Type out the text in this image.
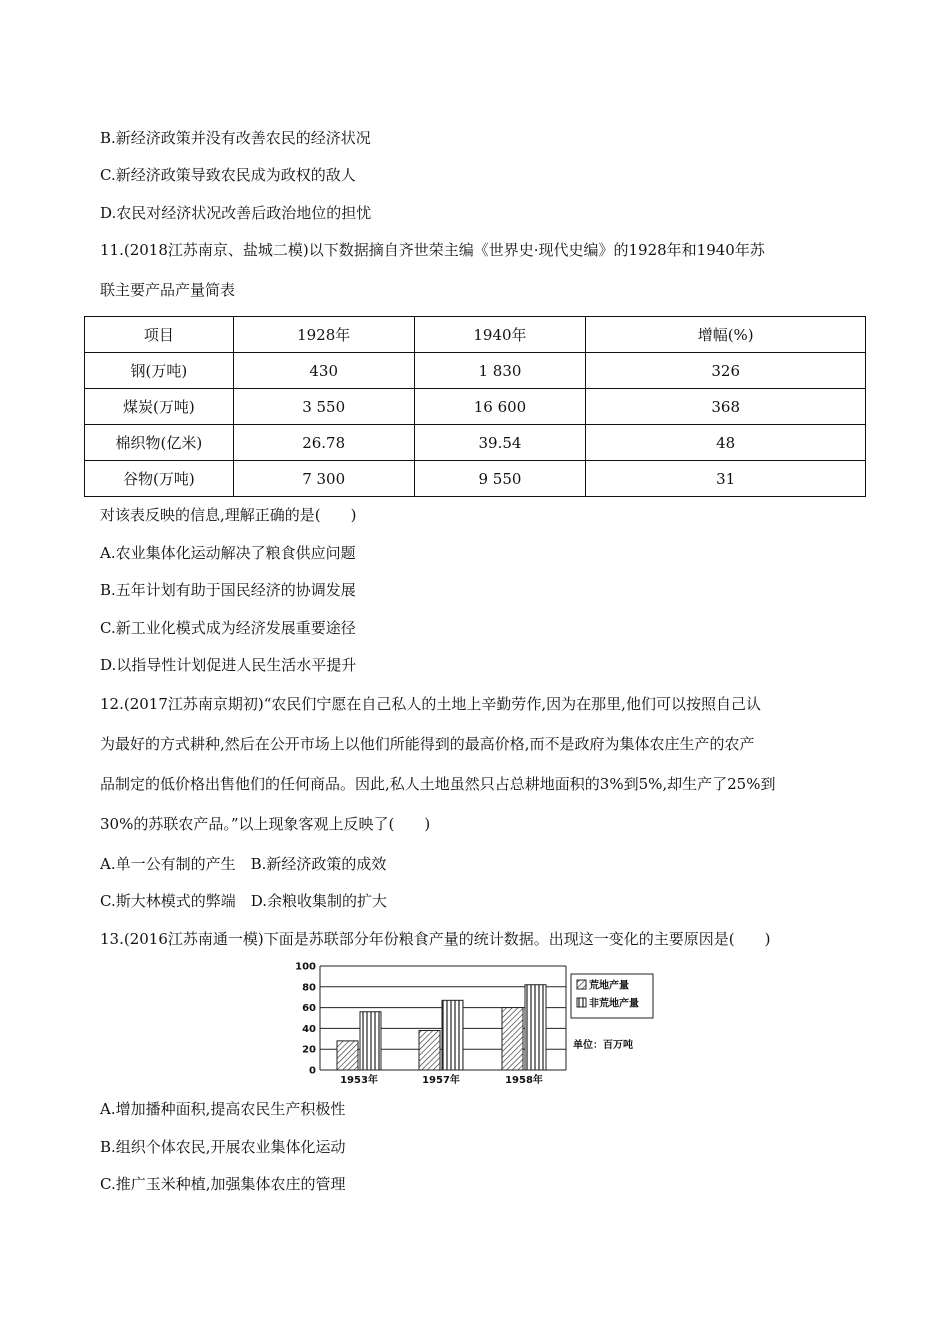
B.新经济政策并没有改善农民的经济状况
C.新经济政策导致农民成为政权的敌人
D.农民对经济状况改善后政治地位的担忧
11.(2018江苏南京、盐城二模)以下数据摘自齐世荣主编《世界史·现代史编》的1928年和1940年苏
联主要产品产量简表
项目	1928年	1940年	增幅(%)
钢(万吨)	430	1 830	326
煤炭(万吨)	3 550	16 600	368
棉织物(亿米)	26.78	39.54	48
谷物(万吨)	7 300	9 550	31
对该表反映的信息,理解正确的是(　　)
A.农业集体化运动解决了粮食供应问题
B.五年计划有助于国民经济的协调发展
C.新工业化模式成为经济发展重要途径
D.以指导性计划促进人民生活水平提升
12.(2017江苏南京期初)“农民们宁愿在自己私人的土地上辛勤劳作,因为在那里,他们可以按照自己认
为最好的方式耕种,然后在公开市场上以他们所能得到的最高价格,而不是政府为集体农庄生产的农产
品制定的低价格出售他们的任何商品。因此,私人土地虽然只占总耕地面积的3%到5%,却生产了25%到
30%的苏联农产品。”以上现象客观上反映了(　　)
A.单一公有制的产生　B.新经济政策的成效
C.斯大林模式的弊端　D.余粮收集制的扩大
13.(2016江苏南通一模)下面是苏联部分年份粮食产量的统计数据。出现这一变化的主要原因是(　　)
0
20
40
60
80
100
1953年	1957年	1958年
荒地产量
非荒地产量
单位：百万吨
A.增加播种面积,提高农民生产积极性
B.组织个体农民,开展农业集体化运动
C.推广玉米种植,加强集体农庄的管理
